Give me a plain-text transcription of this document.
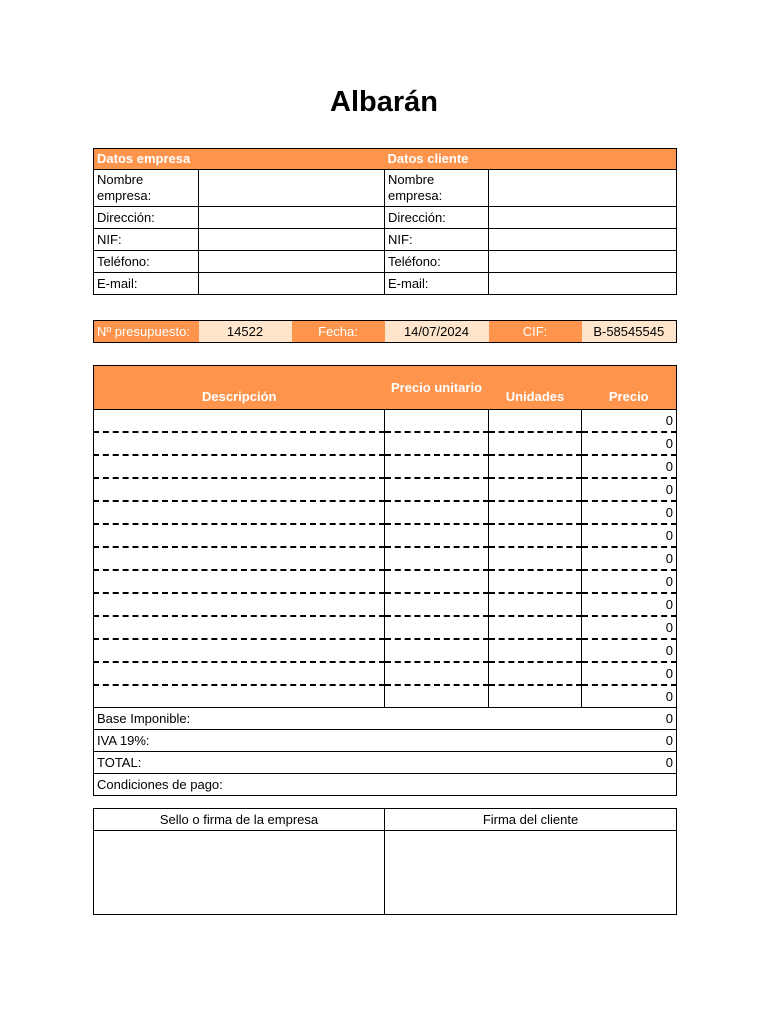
Albarán
Datos empresa		Datos cliente	
Nombre empresa:		Nombre empresa:	
Dirección:		Dirección:	
NIF:		NIF:	
Teléfono:		Teléfono:	
E-mail:		E-mail:	
Nº presupuesto:	14522	Fecha:	14/07/2024	CIF:	B-58545545
Descripción	Precio unitario	Unidades	Precio
			0
			0
			0
			0
			0
			0
			0
			0
			0
			0
			0
			0
			0
Base Imponible:			0
IVA 19%:			0
TOTAL:			0
Condiciones de pago:			
Sello o firma de la empresa	Firma del cliente
